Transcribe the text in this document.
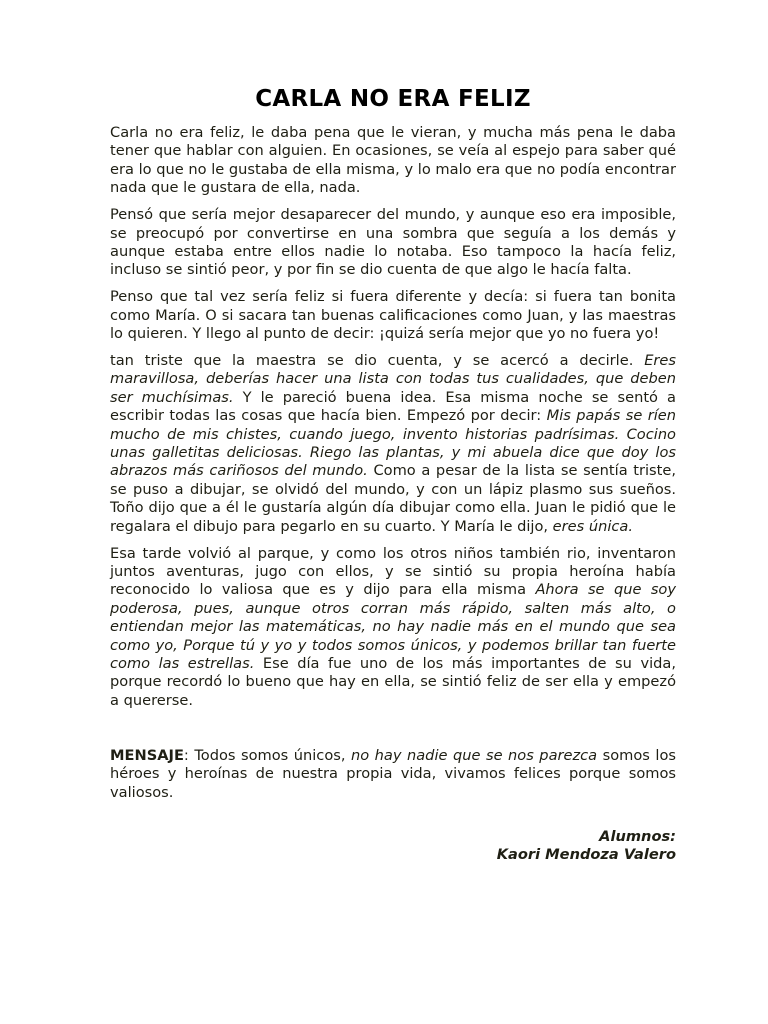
CARLA NO ERA FELIZ

Carla no era feliz, le daba pena que le vieran, y mucha más pena le daba tener que hablar con alguien. En ocasiones, se veía al espejo para saber qué era lo que no le gustaba de ella misma, y lo malo era que no podía encontrar nada que le gustara de ella, nada.

Pensó que sería mejor desaparecer del mundo, y aunque eso era imposible, se preocupó por convertirse en una sombra que seguía a los demás y aunque estaba entre ellos nadie lo notaba. Eso tampoco la hacía feliz, incluso se sintió peor, y por fin se dio cuenta de que algo le hacía falta.

Penso que tal vez sería feliz si fuera diferente y decía: si fuera tan bonita como María. O si sacara tan buenas calificaciones como Juan, y las maestras lo quieren. Y llego al punto de decir: ¡quizá sería mejor que yo no fuera yo!

tan triste que la maestra se dio cuenta, y se acercó a decirle. Eres maravillosa, deberías hacer una lista con todas tus cualidades, que deben ser muchísimas. Y le pareció buena idea. Esa misma noche se sentó a escribir todas las cosas que hacía bien. Empezó por decir: Mis papás se ríen mucho de mis chistes, cuando juego, invento historias padrísimas. Cocino unas galletitas deliciosas. Riego las plantas, y mi abuela dice que doy los abrazos más cariñosos del mundo. Como a pesar de la lista se sentía triste, se puso a dibujar, se olvidó del mundo, y con un lápiz plasmo sus sueños. Toño dijo que a él le gustaría algún día dibujar como ella. Juan le pidió que le regalara el dibujo para pegarlo en su cuarto. Y María le dijo, eres única.

Esa tarde volvió al parque, y como los otros niños también rio, inventaron juntos aventuras, jugo con ellos, y se sintió su propia heroína había reconocido lo valiosa que es y dijo para ella misma Ahora se que soy poderosa, pues, aunque otros corran más rápido, salten más alto, o entiendan mejor las matemáticas, no hay nadie más en el mundo que sea como yo, Porque tú y yo y todos somos únicos, y podemos brillar tan fuerte como las estrellas. Ese día fue uno de los más importantes de su vida, porque recordó lo bueno que hay en ella, se sintió feliz de ser ella y empezó a quererse.

MENSAJE: Todos somos únicos, no hay nadie que se nos parezca somos los héroes y heroínas de nuestra propia vida, vivamos felices porque somos valiosos.

Alumnos:
Kaori Mendoza Valero
